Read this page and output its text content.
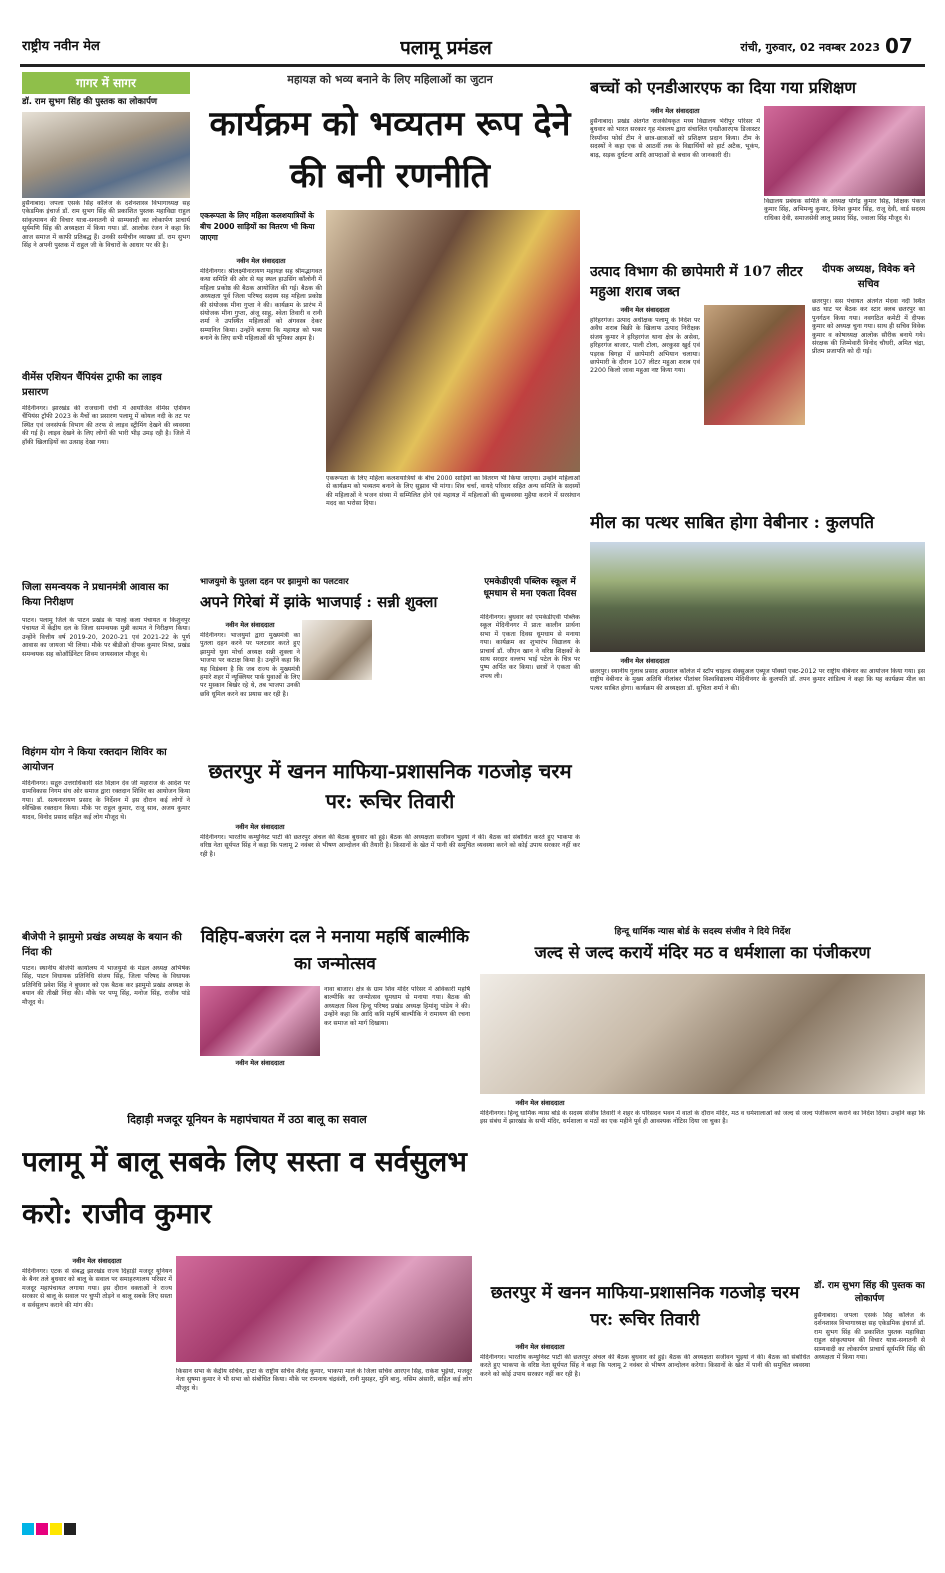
राष्ट्रीय नवीन मेल	पलामू प्रमंडल	रांची, गुरुवार, 02 नवम्बर 2023 07
गागर में सागर
डॉ. राम सुभग सिंह की पुस्तक का लोकार्पण
हुसैनाबाद। जपला एसके सिंह कॉलेज के दर्शनशास्त्र विभागाध्यक्ष सह एकेडमिक इंचार्ज डॉ. राम सुभग सिंह की प्रकाशित पुस्तक महाविद्या राहुल सांकृत्यायन की विचार यात्रा-सनातनी से साम्यवादी का लोकार्पण प्राचार्य सूर्यमणि सिंह की अध्यक्षता में किया गया। डॉ. आलोक रंजन ने कहा कि आज समाज में काफी प्रतिबद्ध हैं। उनकी समीचीन व्याख्या डॉ. राम सुभग सिंह ने अपनी पुस्तक में राहुल जी के विचारों के आधार पर की है।
वीमेंस एशियन चैंपियंस ट्राफी का लाइव प्रसारण
मेदिनीनगर। झारखंड की राजधानी रांची में आयोजित वीमेंस एशियन चैंपियंस ट्रॉफी 2023 के मैचों का प्रसारण पलामू में कोयल नदी के तट पर स्थित एवं जनसंपर्क विभाग की तरफ से लाइव स्ट्रीमिंग देखने की व्यवस्था की गई है। लाइव देखने के लिए लोगों की भारी भीड़ उमड़ रही है। जिले में हॉकी खिलाड़ियों का उत्साह देखा गया।
जिला समन्वयक ने प्रधानमंत्री आवास का किया निरीक्षण
पाटन। पलामू जिले के पाटन प्रखंड के पाल्हे कला पंचायत व किशुनपुर पंचायत में केंद्रीय दल के जिला समन्वयक मुन्नी कामत ने निरीक्षण किया। उन्होंने वित्तीय वर्ष 2019-20, 2020-21 एवं 2021-22 के पूर्ण आवास का जायजा भी लिया। मौके पर बीडीओ दीपक कुमार मिश्रा, प्रखंड समन्वयक सह कोऑर्डिनेटर शिवम जायसवाल मौजूद थे।
विहंगम योग ने किया रक्तदान शिविर का आयोजन
मेदिनीनगर। सद्गुरु उत्तराधिकारी संत विज्ञान देव जी महाराज के आदेश पर ग्रामविकास निगम संघ ओर समाज द्वारा रक्तदान शिविर का आयोजन किया गया। डॉ. सत्यनारायण प्रसाद के निर्देशन में इस दौरान कई लोगों ने स्वैच्छिक रक्तदान किया। मौके पर राहुल कुमार, राजू साव, अजय कुमार यादव, विनोद प्रसाद सहित कई लोग मौजूद थे।
बीजेपी ने झामुमो प्रखंड अध्यक्ष के बयान की निंदा की
पाटन। स्थानीय बीजेपी कार्यालय में भाजयुमो के मंडल अध्यक्ष अभिषेक सिंह, पाटन विधायक प्रतिनिधि संजय सिंह, जिला परिषद के विधायक प्रतिनिधि प्रवेश सिंह ने बुधवार को एक बैठक कर झामुमो प्रखंड अध्यक्ष के बयान की तीखी निंदा की। मौके पर पप्पू सिंह, मनोज सिंह, राजीव पांडे मौजूद थे।
महायज्ञ को भव्य बनाने के लिए महिलाओं का जुटान
कार्यक्रम को भव्यतम रूप देने की बनी रणनीति
एकरूपता के लिए महिला कलशयात्रियों के बीच 2000 साड़ियों का वितरण भी किया जाएगा
नवीन मेल संवाददाता
मेदिनीनगर। श्रीलक्ष्मीनारायण महायज्ञ सह श्रीमद्भागवत कथा समिति की ओर से यह स्थल हाउसिंग कॉलोनी में महिला प्रकोष्ठ की बैठक आयोजित की गई। बैठक की अध्यक्षता पूर्व जिला परिषद सदस्य सह महिला प्रकोष्ठ की संयोजक मीना गुप्ता ने की। कार्यक्रम के प्रारंभ में संयोजक मीना गुप्ता, अंजू साहू, श्वेता तिवारी व रानी शर्मा ने उपस्थित महिलाओं को अंगवस्त्र देकर सम्मानित किया। उन्होंने बताया कि महायज्ञ को भव्य बनाने के लिए सभी महिलाओं की भूमिका अहम है।
एकरूपता के लिए महिला कलशयात्रियों के बीच 2000 साड़ियों का वितरण भी किया जाएगा। उन्होंने महिलाओं से कार्यक्रम को भव्यतम बनाने के लिए सुझाव भी मांगा। शिव चर्चा, वायदे परिवार सहित अन्य समिति के सदस्यों की महिलाओं ने भजन संध्या में सम्मिलित होने एवं महायज्ञ में महिलाओं की सुव्यवस्था मुहैया कराने में सरसंघान मदद का भरोसा दिया।
बच्चों को एनडीआरएफ का दिया गया प्रशिक्षण
नवीन मेल संवाददाता
हुसैनाबाद। प्रखंड अंतर्गत राजकीयकृत मध्य विद्यालय भेरीपुर परिसर में बुधवार को भारत सरकार गृह मंत्रालय द्वारा संचालित एनडीआरएफ डिजास्टर रिस्पॉन्स फोर्स टीम ने छात्र-छात्राओं को प्रशिक्षण प्रदान किया। टीम के सदस्यों ने कहा एक से आठवीं तक के विद्यार्थियों को हार्ट अटैक, भूकंप, बाढ़, सड़क दुर्घटना आदि आपदाओं से बचाव की जानकारी दी।
विद्यालय प्रबंधक समिति के अध्यक्ष योगेंद्र कुमार सिंह, शिक्षक पंकज कुमार सिंह, अभिमन्यु कुमार, दिनेश कुमार सिंह, राजू देवी, वार्ड सदस्य राधिका देवी, समाजसेवी लालू प्रसाद सिंह, ज्वाला सिंह मौजूद थे।
उत्पाद विभाग की छापेमारी में 107 लीटर महुआ शराब जब्त
नवीन मेल संवाददाता
हरिहरगंज। उत्पाद अधीक्षक पलामू के निर्देश पर अवैध शराब बिक्री के खिलाफ उत्पाद निरीक्षक संजय कुमार ने हरिहरगंज थाना क्षेत्र के असेवा, हरिहरगंज बाजार, पाली टोला, अरकुसा खुर्द एवं पड़रक बिगहा में छापेमारी अभियान चलाया। छापेमारी के दौरान 107 लीटर महुआ शराब एवं 2200 किलो जावा महुआ नष्ट किया गया।
दीपक अध्यक्ष, विवेक बने सचिव
छतरपुर। सस पंचायत अंतर्गत मेदवा नदी स्थित छठ घाट पर बैठक कर स्टार क्लब छतरपुर का पुनर्गठन किया गया। नवगठित कमेटी में दीपक कुमार को अध्यक्ष चुना गया। साथ ही सचिव विवेक कुमार व कोषाध्यक्ष आलोक सौरीक बनाये गये। संरक्षक की जिम्मेवारी विनोद चौधरी, अमित चंद्रा, प्रीतम प्रजापति को दी गई।
मील का पत्थर साबित होगा वेबीनार : कुलपति
नवीन मेल संवाददाता
छतरपुर। स्थानीय गुलाब प्रसाद अग्रवाल कॉलेज में स्टॉप चाइल्ड सेक्सुअल एब्यूज पॉक्सो एक्ट-2012 पर राष्ट्रीय वेबिनार का आयोजन किया गया। इस राष्ट्रीय वेबीनार के मुख्य अतिथि नीलांबर पीतांबर विश्वविद्यालय मेदिनीनगर के कुलपति डॉ. तपन कुमार शांडिल्य ने कहा कि यह कार्यक्रम मील का पत्थर साबित होगा। कार्यक्रम की अध्यक्षता डॉ. सुचिता शर्मा ने की।
भाजयुमो के पुतला दहन पर झामुमो का पलटवार
अपने गिरेबां में झांके भाजपाई : सन्नी शुक्ला
नवीन मेल संवाददाता
मेदिनीनगर। भाजयुमो द्वारा मुख्यमंत्री का पुतला दहन करने पर पलटवार करते हुए झामुमो युवा मोर्चा अध्यक्ष सन्नी शुक्ला ने भाजपा पर कटाक्ष किया है। उन्होंने कहा कि यह विडंबना है कि जब राज्य के मुख्यमंत्री हमारे शहर में न्यूक्लियर पार्क युवाओं के लिए पर मुस्कान बिखेर रहे थे, तब भाजपा उनकी छवि धूमिल करने का प्रयास कर रही है।
एमकेडीएवी पब्लिक स्कूल में धूमधाम से मना एकता दिवस
मेदिनीनगर। बुधवार को एमकेडीएवी पब्लिक स्कूल मेदिनीनगर में प्रातः कालीन प्रार्थना सभा में एकता दिवस धूमधाम से मनाया गया। कार्यक्रम का शुभारंभ विद्यालय के प्राचार्य डॉ. जीएन खान ने वरिष्ठ शिक्षकों के साथ सरदार वल्लभ भाई पटेल के चित्र पर पुष्प अर्पित कर किया। छात्रों ने एकता की शपथ ली।
छतरपुर में खनन माफिया-प्रशासनिक गठजोड़ चरम पर: रूचिर तिवारी
नवीन मेल संवाददाता
मेदिनीनगर। भारतीय कम्युनिस्ट पार्टी की छतरपुर अंचल की बैठक बुधवार को हुई। बैठक की अध्यक्षता सजीवन भुइयां ने की। बैठक को संबोधित करते हुए भाकपा के वरिष्ठ नेता सूर्यपत सिंह ने कहा कि पलामू 2 नवंबर से भीषण आन्दोलन की तैयारी है। किसानों के खेत में पानी की समुचित व्यवस्था करने को कोई उपाय सरकार नहीं कर रही है।
विहिप-बजरंग दल ने मनाया महर्षि बाल्मीकि का जन्मोत्सव
नवीन मेल संवाददाता
नावा बाजार। क्षेत्र के ग्राम शिव मंदिर परिसर में अविकारी महर्षि बाल्मीकि का जन्मोत्सव धूमधाम से मनाया गया। बैठक की अध्यक्षता विश्व हिन्दू परिषद प्रखंड अध्यक्ष हिमांशु पांडेय ने की। उन्होंने कहा कि आदि कवि महर्षि बाल्मीकि ने रामायण की रचना कर समाज को मार्ग दिखाया।
हिन्दू धार्मिक न्यास बोर्ड के सदस्य संजीव ने दिये निर्देश
जल्द से जल्द करायें मंदिर मठ व धर्मशाला का पंजीकरण
नवीन मेल संवाददाता
मेदिनीनगर। हिन्दू धार्मिक न्यास बोर्ड के सदस्य संजीव तिवारी ने शहर के परिसदन भवन में वार्ता के दौरान मंदिर, मठ व धर्मशालाओं को जल्द से जल्द पंजीकरण कराने का निर्देश दिया। उन्होंने कहा कि इस संबंध में झारखंड के सभी मंदिर, धर्मशाला व मठों का एक महीने पूर्व ही आवश्यक नोटिस दिया जा चुका है।
दिहाड़ी मजदूर यूनियन के महापंचायत में उठा बालू का सवाल
पलामू में बालू सबके लिए सस्ता व सर्वसुलभ करो: राजीव कुमार
नवीन मेल संवाददाता
मेदिनीनगर। एटक से संबद्ध झारखंड राज्य दिहाड़ी मजदूर यूनियन के बैनर तले बुधवार को बालू के सवाल पर समाहरणालय परिसर में मजदूर महापंचायत लगाया गया। इस दौरान वक्ताओं ने राज्य सरकार से बालू के सवाल पर चुप्पी तोड़ने व बालू सबके लिए सस्ता व सर्वसुलभ कराने की मांग की।
किसान सभा के केंद्रीय सचिव, इप्टा के राष्ट्रीय सचिव शैलेंद्र कुमार, भाकपा माले के जिला सचिव आरएन सिंह, राकेश भुईयां, मजदूर नेता सुषमा कुमार ने भी सभा को संबोधित किया। मौके पर रामनाथ चंद्रवंशी, रानी मुसहर, मुनि बानु, नसिम अंसारी, सहित कई लोग मौजूद थे।
छतरपुर में खनन माफिया-प्रशासनिक गठजोड़ चरम पर: रूचिर तिवारी
नवीन मेल संवाददाता
मेदिनीनगर। भारतीय कम्युनिस्ट पार्टी की छतरपुर अंचल की बैठक बुधवार को हुई। बैठक की अध्यक्षता सजीवन भुइयां ने की। बैठक को संबोधित करते हुए भाकपा के वरिष्ठ नेता सूर्यपत सिंह ने कहा कि पलामू 2 नवंबर से भीषण आन्दोलन करेगा। किसानों के खेत में पानी की समुचित व्यवस्था करने को कोई उपाय सरकार नहीं कर रही है।
डॉ. राम सुभग सिंह की पुस्तक का लोकार्पण
हुसैनाबाद। जपला एसके सिंह कॉलेज के दर्शनशास्त्र विभागाध्यक्ष सह एकेडमिक इंचार्ज डॉ. राम सुभग सिंह की प्रकाशित पुस्तक महाविद्या राहुल सांकृत्यायन की विचार यात्रा-सनातनी से साम्यवादी का लोकार्पण प्राचार्य सूर्यमणि सिंह की अध्यक्षता में किया गया।
